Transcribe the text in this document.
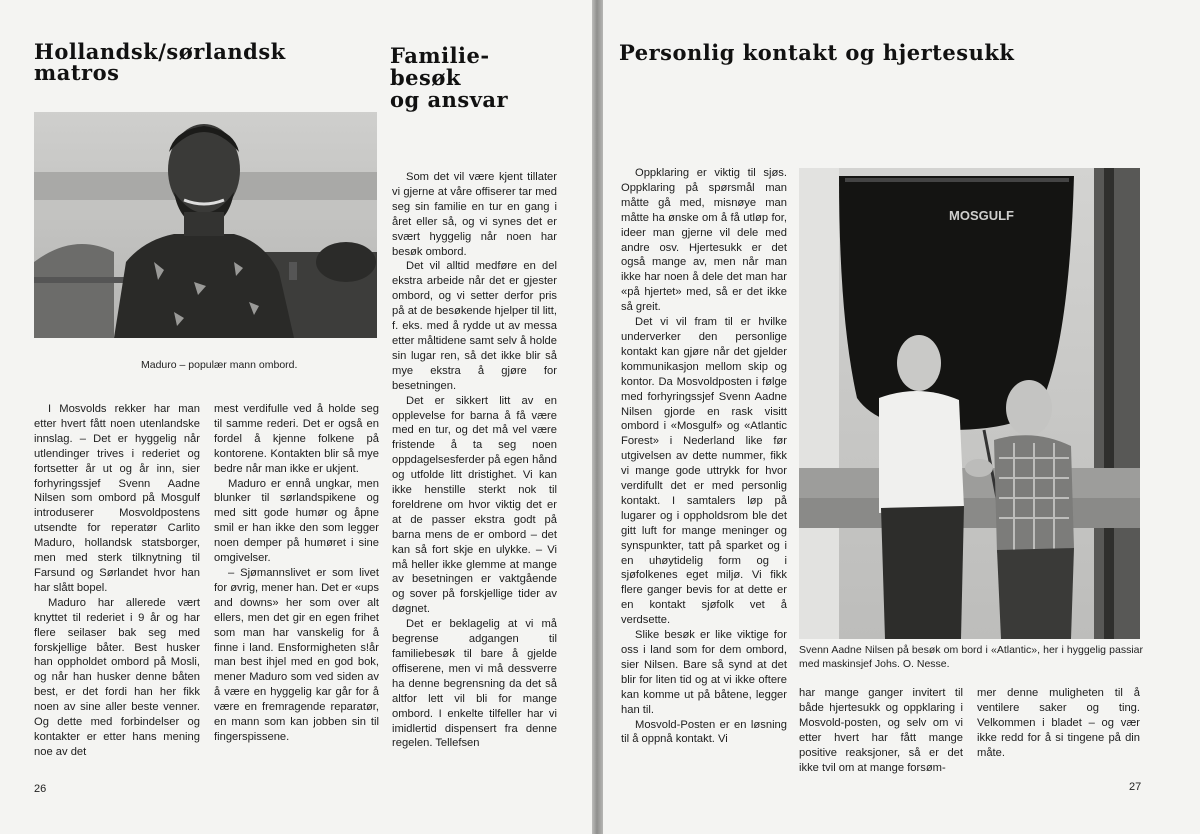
Hollandsk/sørlandsk
matros
Familie-
besøk
og ansvar
Maduro – populær mann ombord.

I Mosvolds rekker har man etter hvert fått noen utenlandske innslag. – Det er hyggelig når utlendinger trives i rederiet og fortsetter år ut og år inn, sier forhyringssjef Svenn Aadne Nilsen som ombord på Mosgulf introduserer Mosvoldpostens utsendte for reperatør Carlito Maduro, hollandsk statsborger, men med sterk tilknytning til Farsund og Sørlandet hvor han har slått bopel.

Maduro har allerede vært knyttet til rederiet i 9 år og har flere seilaser bak seg med forskjellige båter. Best husker han oppholdet ombord på Mosli, og når han husker denne båten best, er det fordi han her fikk noen av sine aller beste venner. Og dette med forbindelser og kontakter er etter hans mening noe av det

mest verdifulle ved å holde seg til samme rederi. Det er også en fordel å kjenne folkene på kontorene. Kontakten blir så mye bedre når man ikke er ukjent.

Maduro er ennå ungkar, men blunker til sørlandspikene og med sitt gode humør og åpne smil er han ikke den som legger noen demper på humøret i sine omgivelser.

– Sjømannslivet er som livet for øvrig, mener han. Det er «ups and downs» her som over alt ellers, men det gir en egen frihet som man har vanskelig for å finne i land. Ensformigheten s!år man best ihjel med en god bok, mener Maduro som ved siden av å være en hyggelig kar går for å være en fremragende reparatør, en mann som kan jobben sin til fingerspissene.

Som det vil være kjent tillater vi gjerne at våre offiserer tar med seg sin familie en tur en gang i året eller så, og vi synes det er svært hyggelig når noen har besøk ombord.

Det vil alltid medføre en del ekstra arbeide når det er gjester ombord, og vi setter derfor pris på at de besøkende hjelper til litt, f. eks. med å rydde ut av messa etter måltidene samt selv å holde sin lugar ren, så det ikke blir så mye ekstra å gjøre for besetningen.

Det er sikkert litt av en opplevelse for barna å få være med en tur, og det må vel være fristende å ta seg noen oppdagelsesferder på egen hånd og utfolde litt dristighet. Vi kan ikke henstille sterkt nok til foreldrene om hvor viktig det er at de passer ekstra godt på barna mens de er ombord – det kan så fort skje en ulykke. – Vi må heller ikke glemme at mange av besetningen er vaktgående og sover på forskjellige tider av døgnet.

Det er beklagelig at vi må begrense adgangen til familiebesøk til bare å gjelde offiserene, men vi må dessverre ha denne begrensning da det så altfor lett vil bli for mange ombord. I enkelte tilfeller har vi imidlertid dispensert fra denne regelen. Tellefsen

26
Personlig kontakt og hjertesukk

Oppklaring er viktig til sjøs. Oppklaring på spørsmål man måtte gå med, misnøye man måtte ha ønske om å få utløp for, ideer man gjerne vil dele med andre osv. Hjertesukk er det også mange av, men når man ikke har noen å dele det man har «på hjertet» med, så er det ikke så greit.

Det vi vil fram til er hvilke underverker den personlige kontakt kan gjøre når det gjelder kommunikasjon mellom skip og kontor. Da Mosvoldposten i følge med forhyringssjef Svenn Aadne Nilsen gjorde en rask visitt ombord i «Mosgulf» og «Atlantic Forest» i Nederland like før utgivelsen av dette nummer, fikk vi mange gode uttrykk for hvor verdifullt det er med personlig kontakt. I samtalers løp på lugarer og i oppholdsrom ble det gitt luft for mange meninger og synspunkter, tatt på sparket og i en uhøytidelig form og i sjøfolkenes eget miljø. Vi fikk flere ganger bevis for at dette er en kontakt sjøfolk vet å verdsette.

Slike besøk er like viktige for oss i land som for dem ombord, sier Nilsen. Bare så synd at det blir for liten tid og at vi ikke oftere kan komme ut på båtene, legger han til.

Mosvold-Posten er en løsning til å oppnå kontakt. Vi

MOSGULF
Svenn Aadne Nilsen på besøk om bord i «Atlantic», her i hyggelig passiar med maskinsjef Johs. O. Nesse.

har mange ganger invitert til både hjertesukk og oppklaring i Mosvold-posten, og selv om vi etter hvert har fått mange positive reaksjoner, så er det ikke tvil om at mange forsøm-

mer denne muligheten til å ventilere saker og ting. Velkommen i bladet – og vær ikke redd for å si tingene på din måte.

27
